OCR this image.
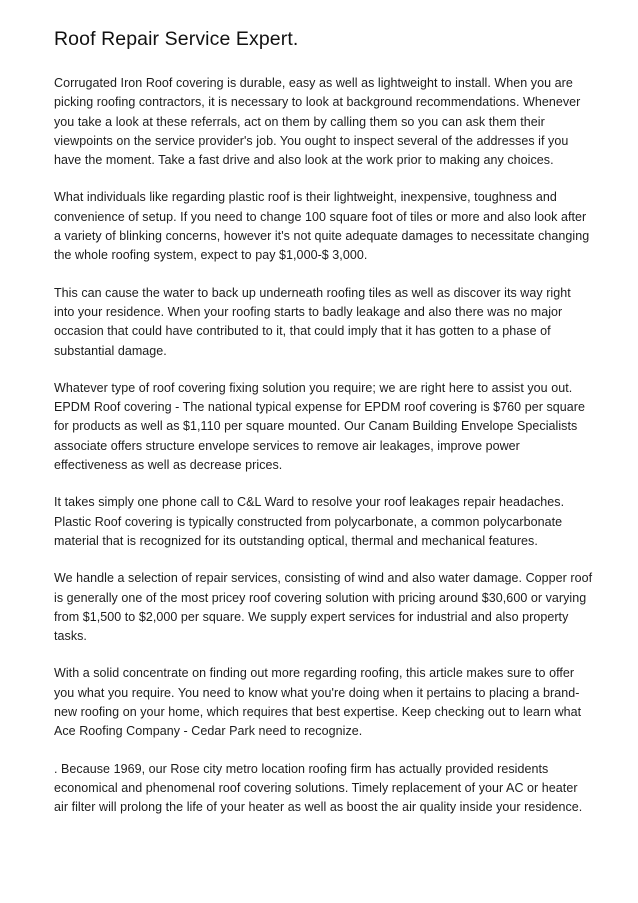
Roof Repair Service Expert.

Corrugated Iron Roof covering is durable, easy as well as lightweight to install. When you are picking roofing contractors, it is necessary to look at background recommendations. Whenever you take a look at these referrals, act on them by calling them so you can ask them their viewpoints on the service provider's job. You ought to inspect several of the addresses if you have the moment. Take a fast drive and also look at the work prior to making any choices.

What individuals like regarding plastic roof is their lightweight, inexpensive, toughness and convenience of setup. If you need to change 100 square foot of tiles or more and also look after a variety of blinking concerns, however it's not quite adequate damages to necessitate changing the whole roofing system, expect to pay $1,000-$ 3,000.

This can cause the water to back up underneath roofing tiles as well as discover its way right into your residence. When your roofing starts to badly leakage and also there was no major occasion that could have contributed to it, that could imply that it has gotten to a phase of substantial damage.

Whatever type of roof covering fixing solution you require; we are right here to assist you out. EPDM Roof covering - The national typical expense for EPDM roof covering is $760 per square for products as well as $1,110 per square mounted. Our Canam Building Envelope Specialists associate offers structure envelope services to remove air leakages, improve power effectiveness as well as decrease prices.

It takes simply one phone call to C&L Ward to resolve your roof leakages repair headaches. Plastic Roof covering is typically constructed from polycarbonate, a common polycarbonate material that is recognized for its outstanding optical, thermal and mechanical features.

We handle a selection of repair services, consisting of wind and also water damage. Copper roof is generally one of the most pricey roof covering solution with pricing around $30,600 or varying from $1,500 to $2,000 per square. We supply expert services for industrial and also property tasks.

With a solid concentrate on finding out more regarding roofing, this article makes sure to offer you what you require. You need to know what you're doing when it pertains to placing a brand-new roofing on your home, which requires that best expertise. Keep checking out to learn what Ace Roofing Company - Cedar Park need to recognize.

. Because 1969, our Rose city metro location roofing firm has actually provided residents economical and phenomenal roof covering solutions. Timely replacement of your AC or heater air filter will prolong the life of your heater as well as boost the air quality inside your residence.
